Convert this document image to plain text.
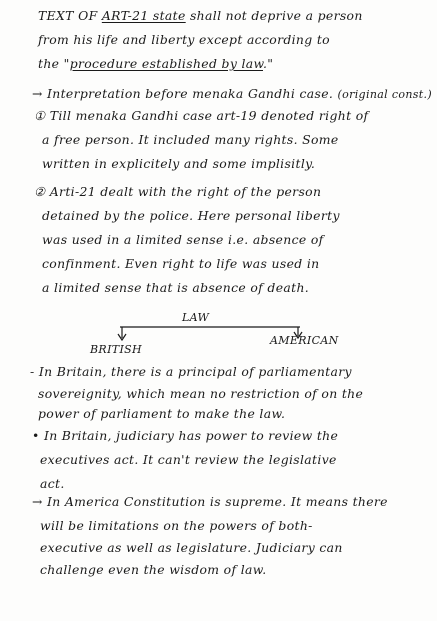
TEXT OF ART-21 state shall not deprive a person
from his life and liberty except according to
the "procedure established by law."
→ Interpretation before menaka Gandhi case. (original const.)
① Till menaka Gandhi case art-19 denoted right of
a free person. It included many rights. Some
written in explicitely and some implisitly.
② Arti-21 dealt with the right of the person
detained by the police. Here personal liberty
was used in a limited sense i.e. absence of
confinment. Even right to life was used in
a limited sense that is absence of death.
LAW
BRITISH
AMERICAN
- In Britain, there is a principal of parliamentary
sovereignity, which mean no restriction of on the
power of parliament to make the law.
• In Britain, judiciary has power to review the
executives act. It can't review the legislative
act.
→ In America Constitution is supreme. It means there
will be limitations on the powers of both-
executive as well as legislature. Judiciary can
challenge even the wisdom of law.
